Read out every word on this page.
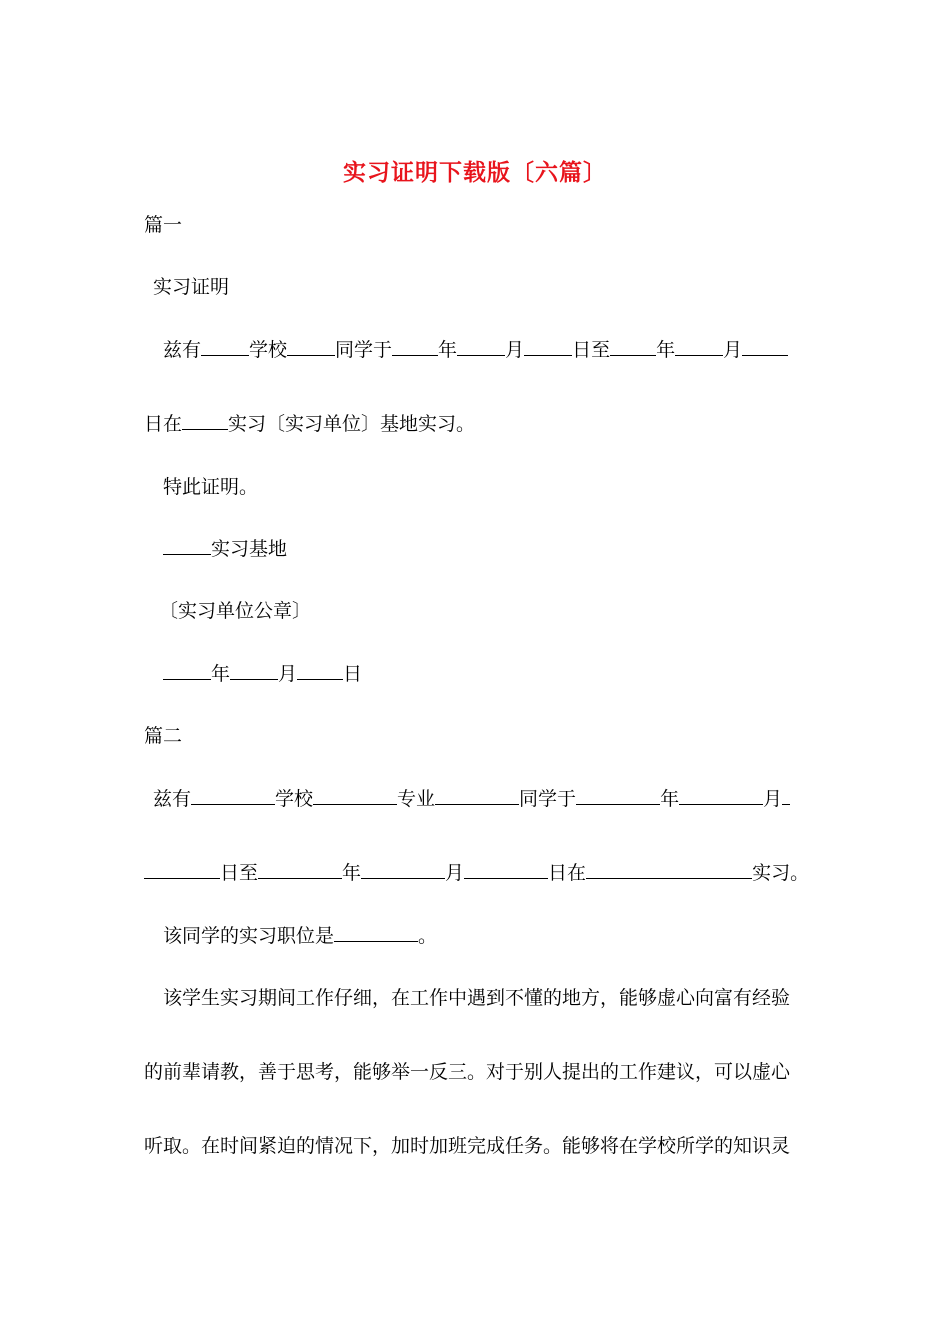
实习证明下载版〔六篇〕
篇一
实习证明
兹有	学校	同学于 年	月	日至 年	月
日在 实习〔实习单位〕基地实习。
特此证明。
实习基地
〔实习单位公章〕
年	月 日
篇二
兹有	学校	专业	同学于	年	月
日至	年	月	日在	实习。
该同学的实习职位是	。
该学生实习期间工作仔细，在工作中遇到不懂的地方，能够虚心向富有经验
的前辈请教，善于思考，能够举一反三。对于别人提出的工作建议，可以虚心
听取。在时间紧迫的情况下，加时加班完成任务。能够将在学校所学的知识灵
